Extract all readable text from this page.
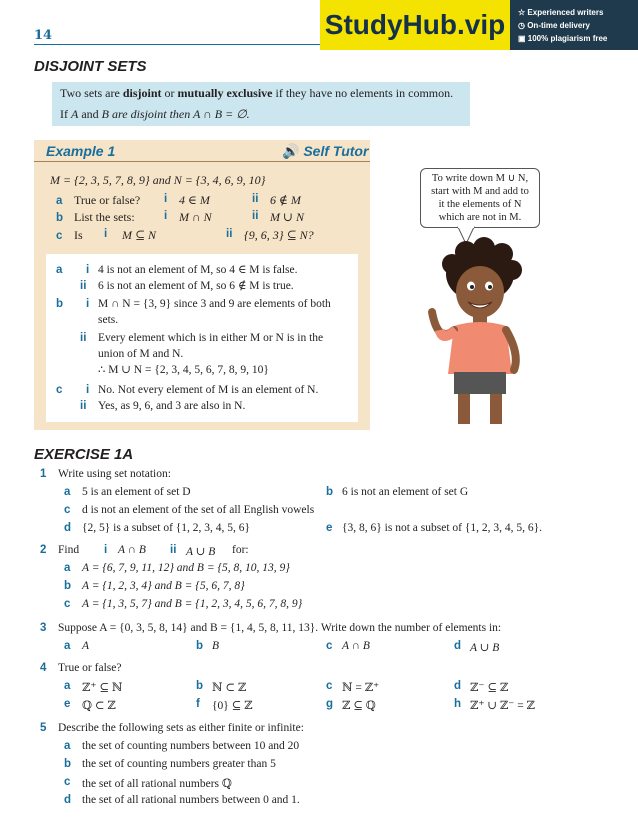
14	StudyHub.vip	☆ Experienced writers
◷ On-time delivery
▣ 100% plagiarism free
DISJOINT SETS
Two sets are disjoint or mutually exclusive if they have no elements in common.
If A and B are disjoint then A ∩ B = ∅.
Example 1	🔊 Self Tutor
M = {2, 3, 5, 7, 8, 9} and N = {3, 4, 6, 9, 10}
a True or false? i 4 ∈ M	ii 6 ∉ M
b List the sets:	i M ∩ N	ii M ∪ N
c Is i M ⊆ N	ii {9, 6, 3} ⊆ N?
a i 4 is not an element of M, so 4 ∈ M is false.
ii 6 is not an element of M, so 6 ∉ M is true.
b i M ∩ N = {3, 9} since 3 and 9 are elements of both
sets.
ii Every element which is in either M or N is in the
union of M and N.
∴ M ∪ N = {2, 3, 4, 5, 6, 7, 8, 9, 10}
c i No. Not every element of M is an element of N.
ii Yes, as 9, 6, and 3 are also in N.
To write down M ∪ N,
start with M and add to
it the elements of N
which are not in M.
EXERCISE 1A
1 Write using set notation:
a 5 is an element of set D	b 6 is not an element of set G
c d is not an element of the set of all English vowels
d {2, 5} is a subset of {1, 2, 3, 4, 5, 6}	e {3, 8, 6} is not a subset of {1, 2, 3, 4, 5, 6}.
2 Find i A ∩ B ii A ∪ B for:
a A = {6, 7, 9, 11, 12} and B = {5, 8, 10, 13, 9}
b A = {1, 2, 3, 4} and B = {5, 6, 7, 8}
c A = {1, 3, 5, 7} and B = {1, 2, 3, 4, 5, 6, 7, 8, 9}
3 Suppose A = {0, 3, 5, 8, 14} and B = {1, 4, 5, 8, 11, 13}. Write down the number of elements in:
a A	b B	c A ∩ B	d A ∪ B
4 True or false?
a ℤ⁺ ⊆ ℕ	b ℕ ⊂ ℤ	c ℕ = ℤ⁺	d ℤ⁻ ⊆ ℤ
e ℚ ⊂ ℤ	f {0} ⊆ ℤ	g ℤ ⊆ ℚ	h ℤ⁺ ∪ ℤ⁻ = ℤ
5 Describe the following sets as either finite or infinite:
a the set of counting numbers between 10 and 20
b the set of counting numbers greater than 5
c the set of all rational numbers ℚ
d the set of all rational numbers between 0 and 1.
